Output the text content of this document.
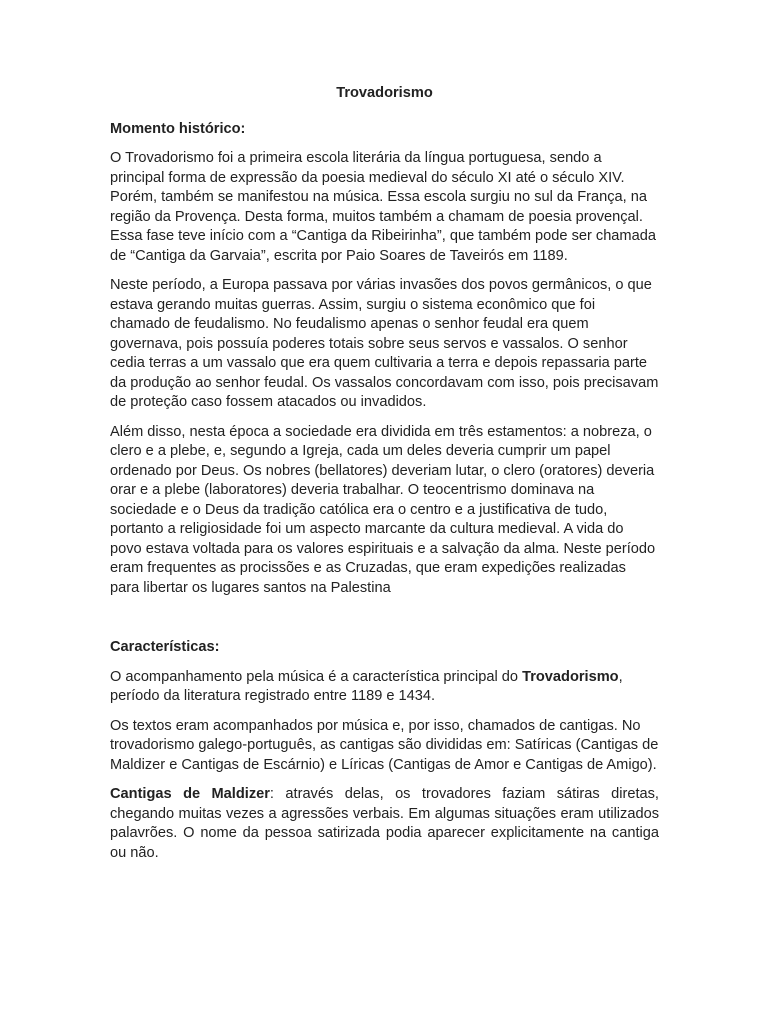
Trovadorismo
Momento histórico:

O Trovadorismo foi a primeira escola literária da língua portuguesa, sendo a principal forma de expressão da poesia medieval do século XI até o século XIV. Porém, também se manifestou na música. Essa escola surgiu no sul da França, na região da Provença. Desta forma, muitos também a chamam de poesia provençal. Essa fase teve início com a “Cantiga da Ribeirinha”, que também pode ser chamada de “Cantiga da Garvaia”, escrita por Paio Soares de Taveirós em 1189.

Neste período, a Europa passava por várias invasões dos povos germânicos, o que estava gerando muitas guerras. Assim, surgiu o sistema econômico que foi chamado de feudalismo. No feudalismo apenas o senhor feudal era quem governava, pois possuía poderes totais sobre seus servos e vassalos. O senhor cedia terras a um vassalo que era quem cultivaria a terra e depois repassaria parte da produção ao senhor feudal. Os vassalos concordavam com isso, pois precisavam de proteção caso fossem atacados ou invadidos.

Além disso, nesta época a sociedade era dividida em três estamentos: a nobreza, o clero e a plebe, e, segundo a Igreja, cada um deles deveria cumprir um papel ordenado por Deus. Os nobres (bellatores) deveriam lutar, o clero (oratores) deveria orar e a plebe (laboratores) deveria trabalhar. O teocentrismo dominava na sociedade e o Deus da tradição católica era o centro e a justificativa de tudo, portanto a religiosidade foi um aspecto marcante da cultura medieval. A vida do povo estava voltada para os valores espirituais e a salvação da alma. Neste período eram frequentes as procissões e as Cruzadas, que eram expedições realizadas para libertar os lugares santos na Palestina

Características:

O acompanhamento pela música é a característica principal do Trovadorismo, período da literatura registrado entre 1189 e 1434.

Os textos eram acompanhados por música e, por isso, chamados de cantigas. No trovadorismo galego-português, as cantigas são divididas em: Satíricas (Cantigas de Maldizer e Cantigas de Escárnio) e Líricas (Cantigas de Amor e Cantigas de Amigo).

Cantigas de Maldizer: através delas, os trovadores faziam sátiras diretas, chegando muitas vezes a agressões verbais. Em algumas situações eram utilizados palavrões. O nome da pessoa satirizada podia aparecer explicitamente na cantiga ou não.
